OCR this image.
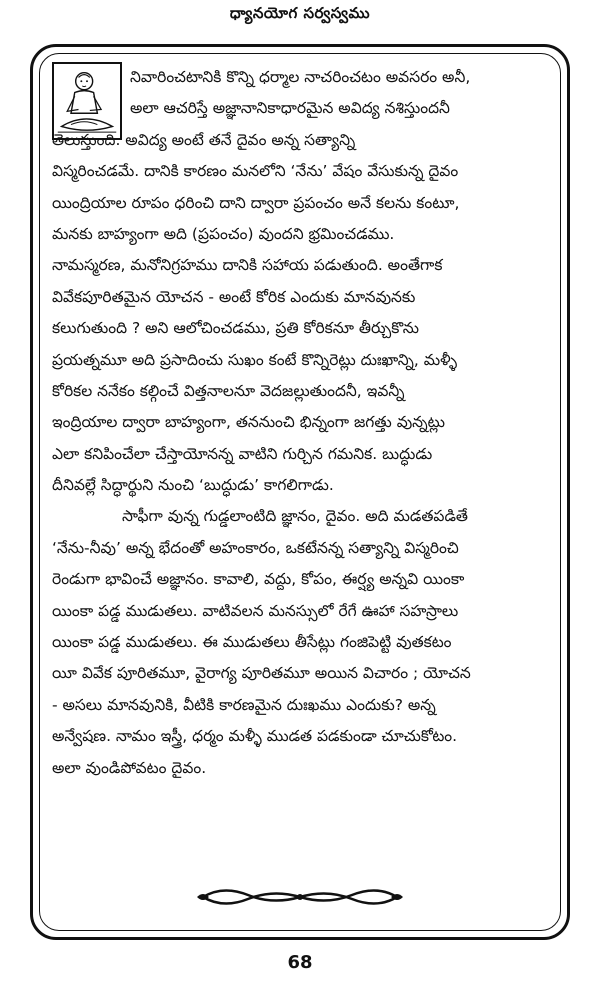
ధ్యానయోగ సర్వస్వము
నివారించటానికి కొన్ని ధర్మాల నాచరించటం అవసరం అనీ,
అలా ఆచరిస్తే అజ్ఞానానికాధారమైన అవిద్య నశిస్తుందనీ
తెలుస్తుంది. అవిద్య అంటే తనే దైవం అన్న సత్యాన్ని
విస్మరించడమే. దానికి కారణం మనలోని ‘నేను’ వేషం వేసుకున్న దైవం
యింద్రియాల రూపం ధరించి దాని ద్వారా ప్రపంచం అనే కలను కంటూ,
మనకు బాహ్యంగా అది (ప్రపంచం) వుందని భ్రమించడము.
నామస్మరణ, మనోనిగ్రహము దానికి సహాయ పడుతుంది. అంతేగాక
వివేకపూరితమైన యోచన - అంటే కోరిక ఎందుకు మానవునకు
కలుగుతుంది ? అని ఆలోచించడము, ప్రతి కోరికనూ తీర్చుకొను
ప్రయత్నమూ అది ప్రసాదించు సుఖం కంటే కొన్నిరెట్లు దుఃఖాన్ని, మళ్ళీ
కోరికల ననేకం కల్గించే విత్తనాలనూ వెదజల్లుతుందనీ, ఇవన్నీ
ఇంద్రియాల ద్వారా బాహ్యంగా, తననుంచి భిన్నంగా జగత్తు వున్నట్లు
ఎలా కనిపించేలా చేస్తాయోనన్న వాటిని గుర్చిన గమనిక. బుద్ధుడు
దీనివల్లే సిద్ధార్థుని నుంచి ‘బుద్ధుడు’ కాగలిగాడు.
సాఫీగా వున్న గుడ్డలాంటిది జ్ఞానం, దైవం. అది మడతపడితే
‘నేను-నీవు’ అన్న భేదంతో అహంకారం, ఒకటేనన్న సత్యాన్ని విస్మరించి
రెండుగా భావించే అజ్ఞానం. కావాలి, వద్దు, కోపం, ఈర్ష్య అన్నవి యింకా
యింకా పడ్డ ముడుతలు. వాటివలన మనస్సులో రేగే ఊహా సహస్రాలు
యింకా పడ్డ ముడుతలు. ఈ ముడుతలు తీసేట్లు గంజిపెట్టి వుతకటం
యీ వివేక పూరితమూ, వైరాగ్య పూరితమూ అయిన విచారం ; యోచన
- అసలు మానవునికి, వీటికి కారణమైన దుఃఖము ఎందుకు? అన్న
అన్వేషణ. నామం ఇస్త్రీ, ధర్మం మళ్ళీ ముడత పడకుండా చూచుకోటం.
అలా వుండిపోవటం దైవం.
68
